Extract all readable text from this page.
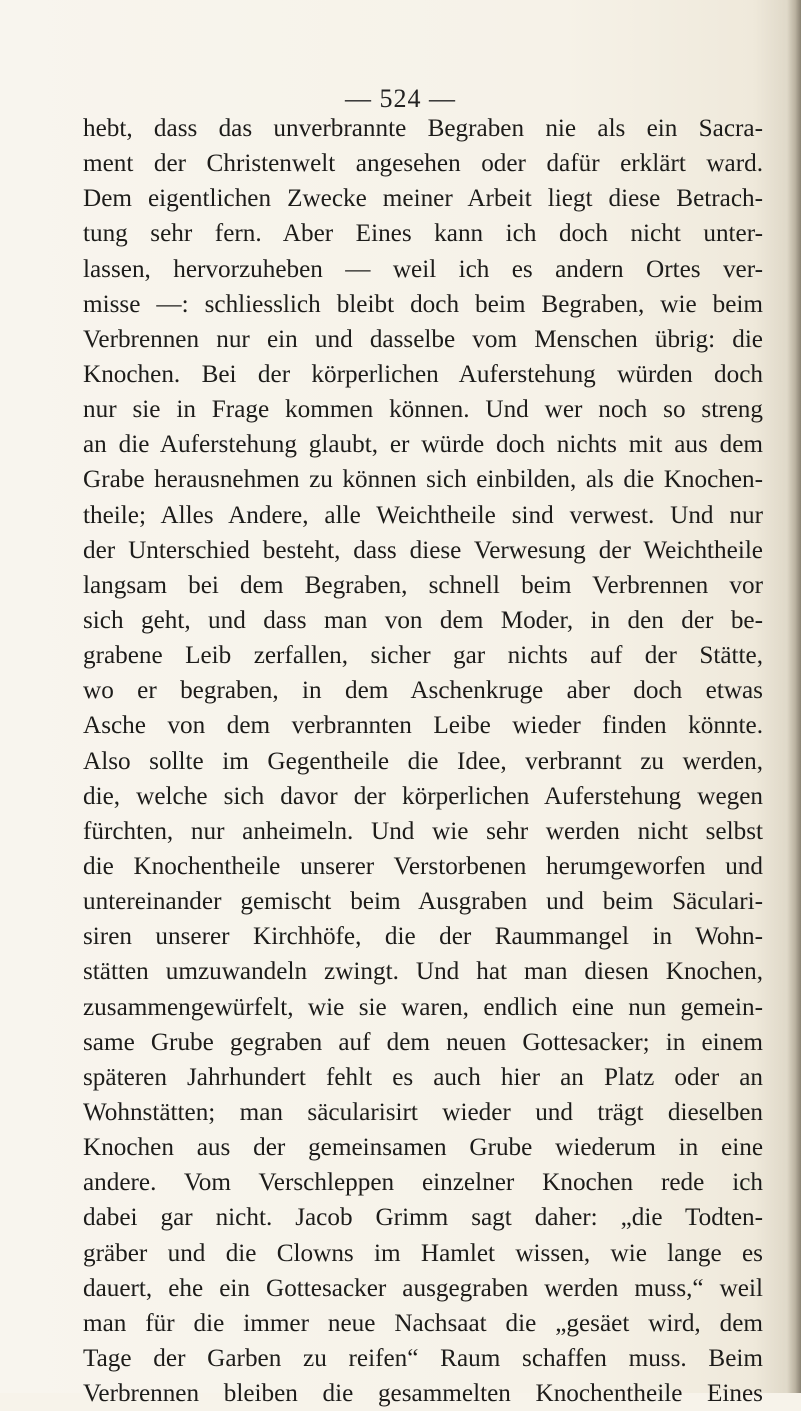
— 524 —
hebt, dass das unverbrannte Begraben nie als ein Sacra-
ment der Christenwelt angesehen oder dafür erklärt ward.
Dem eigentlichen Zwecke meiner Arbeit liegt diese Betrach-
tung sehr fern. Aber Eines kann ich doch nicht unter-
lassen, hervorzuheben — weil ich es andern Ortes ver-
misse —: schliesslich bleibt doch beim Begraben, wie beim
Verbrennen nur ein und dasselbe vom Menschen übrig: die
Knochen. Bei der körperlichen Auferstehung würden doch
nur sie in Frage kommen können. Und wer noch so streng
an die Auferstehung glaubt, er würde doch nichts mit aus dem
Grabe herausnehmen zu können sich einbilden, als die Knochen-
theile; Alles Andere, alle Weichtheile sind verwest. Und nur
der Unterschied besteht, dass diese Verwesung der Weichtheile
langsam bei dem Begraben, schnell beim Verbrennen vor
sich geht, und dass man von dem Moder, in den der be-
grabene Leib zerfallen, sicher gar nichts auf der Stätte,
wo er begraben, in dem Aschenkruge aber doch etwas
Asche von dem verbrannten Leibe wieder finden könnte.
Also sollte im Gegentheile die Idee, verbrannt zu werden,
die, welche sich davor der körperlichen Auferstehung wegen
fürchten, nur anheimeln. Und wie sehr werden nicht selbst
die Knochentheile unserer Verstorbenen herumgeworfen und
untereinander gemischt beim Ausgraben und beim Säculari-
siren unserer Kirchhöfe, die der Raummangel in Wohn-
stätten umzuwandeln zwingt. Und hat man diesen Knochen,
zusammengewürfelt, wie sie waren, endlich eine nun gemein-
same Grube gegraben auf dem neuen Gottesacker; in einem
späteren Jahrhundert fehlt es auch hier an Platz oder an
Wohnstätten; man säcularisirt wieder und trägt dieselben
Knochen aus der gemeinsamen Grube wiederum in eine
andere. Vom Verschleppen einzelner Knochen rede ich
dabei gar nicht. Jacob Grimm sagt daher: „die Todten-
gräber und die Clowns im Hamlet wissen, wie lange es
dauert, ehe ein Gottesacker ausgegraben werden muss,“ weil
man für die immer neue Nachsaat die „gesäet wird, dem
Tage der Garben zu reifen“ Raum schaffen muss. Beim
Verbrennen bleiben die gesammelten Knochentheile Eines
